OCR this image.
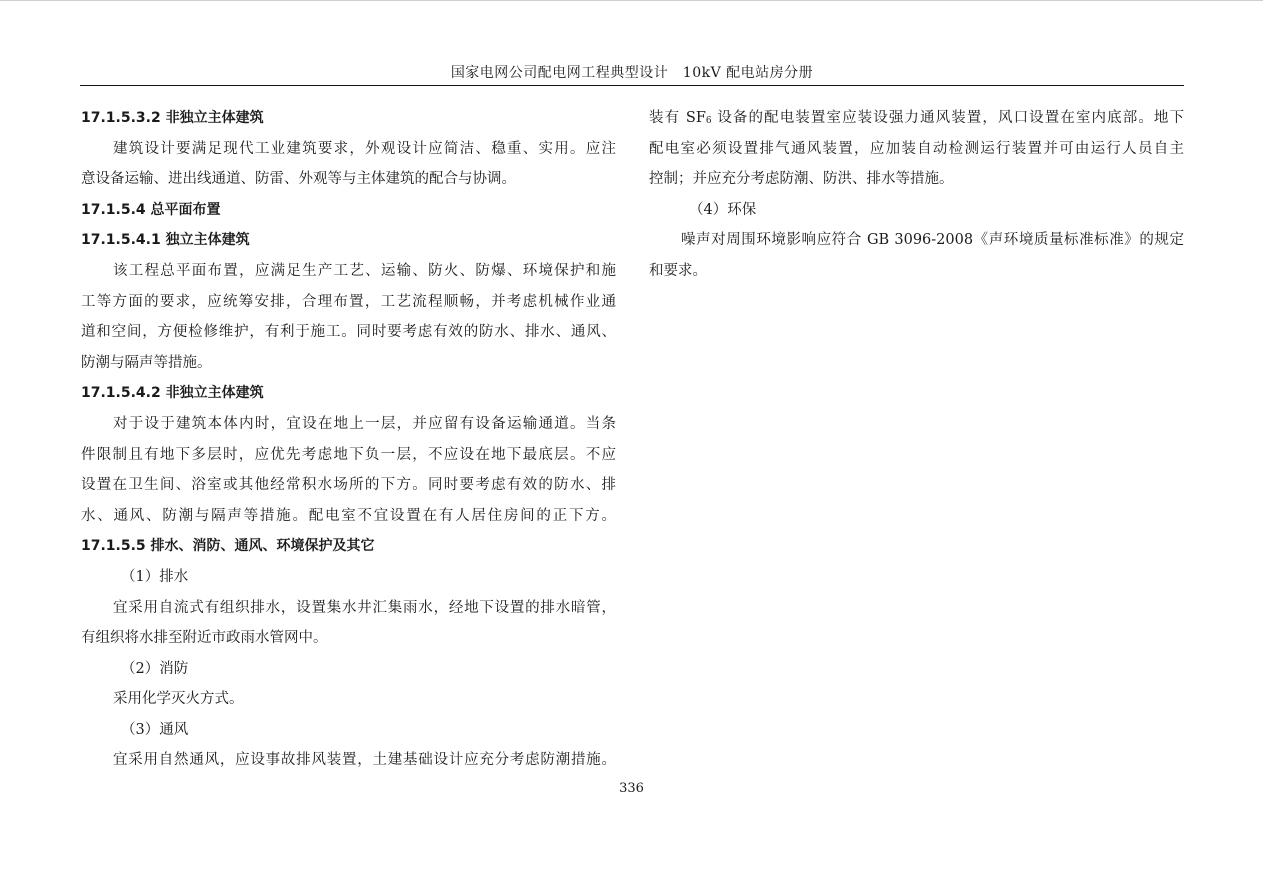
国家电网公司配电网工程典型设计　10kV 配电站房分册
17.1.5.3.2 非独立主体建筑
建筑设计要满足现代工业建筑要求，外观设计应简洁、稳重、实用。应注
意设备运输、进出线通道、防雷、外观等与主体建筑的配合与协调。
17.1.5.4 总平面布置
17.1.5.4.1 独立主体建筑
该工程总平面布置，应满足生产工艺、运输、防火、防爆、环境保护和施
工等方面的要求，应统筹安排，合理布置，工艺流程顺畅，并考虑机械作业通
道和空间，方便检修维护，有利于施工。同时要考虑有效的防水、排水、通风、
防潮与隔声等措施。
17.1.5.4.2 非独立主体建筑
对于设于建筑本体内时，宜设在地上一层，并应留有设备运输通道。当条
件限制且有地下多层时，应优先考虑地下负一层，不应设在地下最底层。不应
设置在卫生间、浴室或其他经常积水场所的下方。同时要考虑有效的防水、排
水、通风、防潮与隔声等措施。配电室不宜设置在有人居住房间的正下方。
17.1.5.5 排水、消防、通风、环境保护及其它
（1）排水
宜采用自流式有组织排水，设置集水井汇集雨水，经地下设置的排水暗管，
有组织将水排至附近市政雨水管网中。
（2）消防
采用化学灭火方式。
（3）通风
宜采用自然通风，应设事故排风装置，土建基础设计应充分考虑防潮措施。
装有 $SF_6$ 设备的配电装置室应装设强力通风装置，风口设置在室内底部。地下
配电室必须设置排气通风装置，应加装自动检测运行装置并可由运行人员自主
控制；并应充分考虑防潮、防洪、排水等措施。
（4）环保
噪声对周围环境影响应符合 GB 3096-2008《声环境质量标准标准》的规定
和要求。
336
